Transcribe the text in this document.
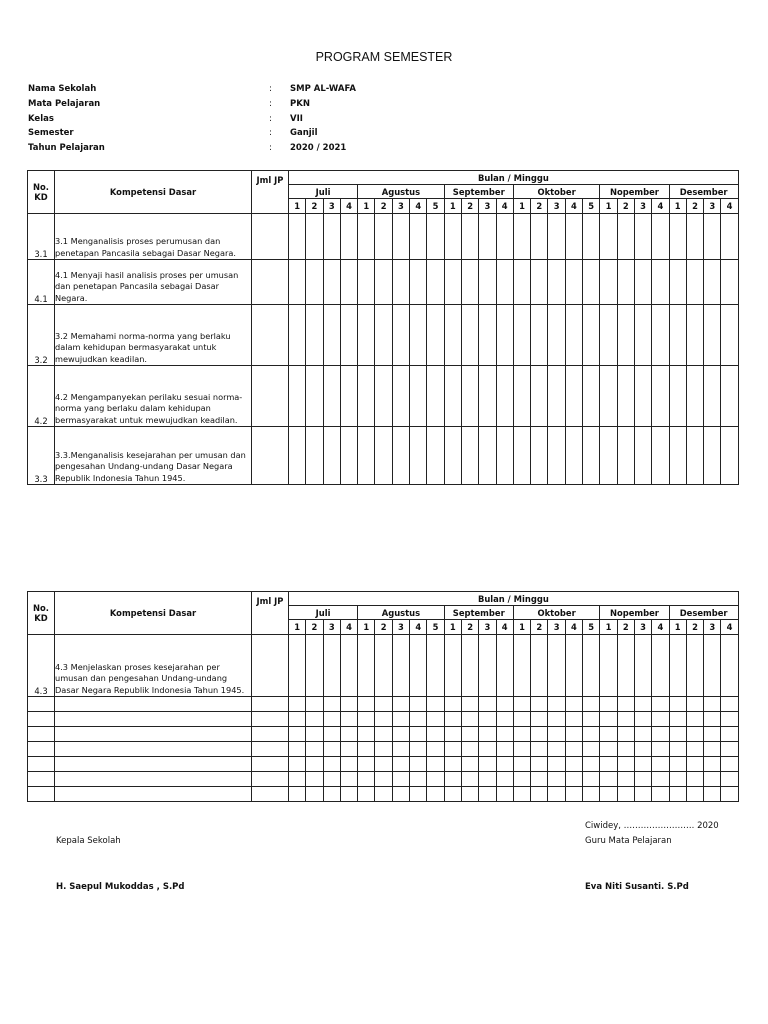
PROGRAM SEMESTER
Nama Sekolah	: SMP AL-WAFA
Mata Pelajaran	: PKN
Kelas	: VII
Semester	: Ganjil
Tahun Pelajaran	: 2020 / 2021
No. KD	Kompetensi Dasar	Jml JP	Bulan / Minggu																									
			Juli				Agustus					September				Oktober					Nopember				Desember			
			1	2	3	4	1	2	3	4	5	1	2	3	4	1	2	3	4	5	1	2	3	4	1	2	3	4
3.1	3.1 Menganalisis proses perumusan dan penetapan Pancasila sebagai Dasar Negara.																											
4.1	4.1 Menyaji hasil analisis proses per umusan dan penetapan Pancasila sebagai Dasar Negara.																											
3.2	3.2 Memahami norma-norma yang berlaku dalam kehidupan bermasyarakat untuk mewujudkan keadilan.																											
4.2	4.2 Mengampanyekan perilaku sesuai norma-norma yang berlaku dalam kehidupan bermasyarakat untuk mewujudkan keadilan.																											
3.3	3.3.Menganalisis kesejarahan per umusan dan pengesahan Undang-undang Dasar Negara Republik Indonesia Tahun 1945.																											
No. KD	Kompetensi Dasar	Jml JP	Bulan / Minggu																									
			Juli				Agustus					September				Oktober					Nopember				Desember			
			1	2	3	4	1	2	3	4	5	1	2	3	4	1	2	3	4	5	1	2	3	4	1	2	3	4
4.3	4.3 Menjelaskan proses kesejarahan per umusan dan pengesahan Undang-undang Dasar Negara Republik Indonesia Tahun 1945.																											

Ciwidey, ……………………. 2020
Kepala Sekolah	Guru Mata Pelajaran
H. Saepul Mukoddas , S.Pd	Eva Niti Susanti. S.Pd
